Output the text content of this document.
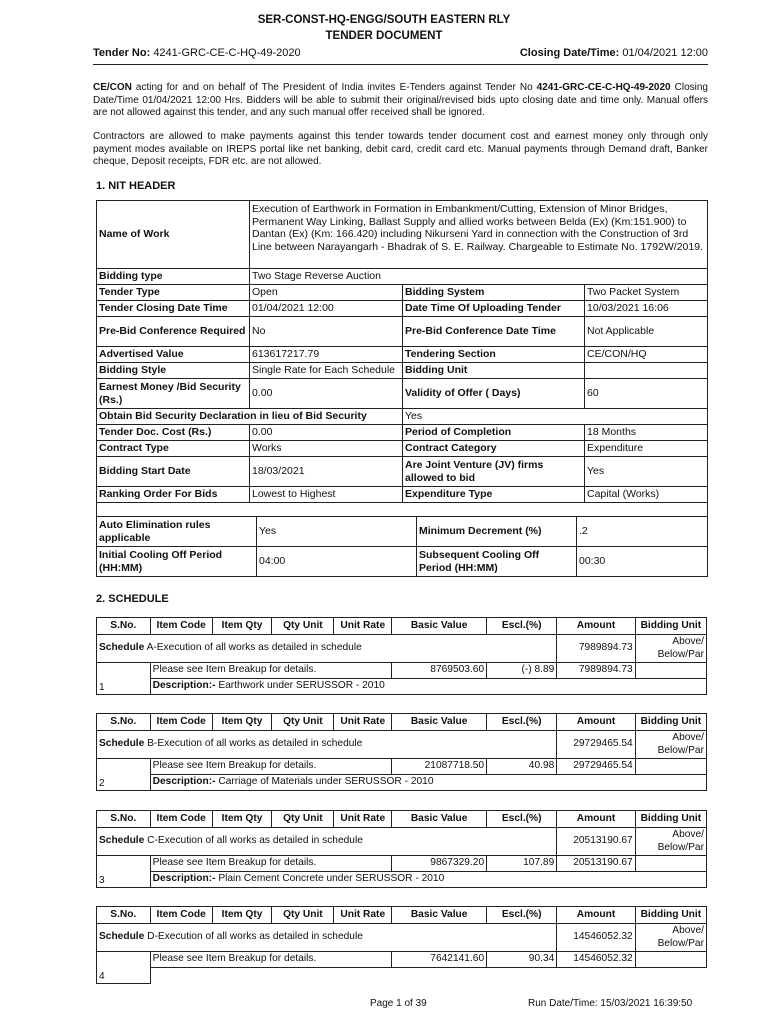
SER-CONST-HQ-ENGG/SOUTH EASTERN RLY
TENDER DOCUMENT
Tender No: 4241-GRC-CE-C-HQ-49-2020	Closing Date/Time: 01/04/2021 12:00
CE/CON acting for and on behalf of The President of India invites E-Tenders against Tender No 4241-GRC-CE-C-HQ-49-2020 Closing Date/Time 01/04/2021 12:00 Hrs. Bidders will be able to submit their original/revised bids upto closing date and time only. Manual offers are not allowed against this tender, and any such manual offer received shall be ignored.
Contractors are allowed to make payments against this tender towards tender document cost and earnest money only through only payment modes available on IREPS portal like net banking, debit card, credit card etc. Manual payments through Demand draft, Banker cheque, Deposit receipts, FDR etc. are not allowed.
1. NIT HEADER
Name of Work	Execution of Earthwork in Formation in Embankment/Cutting, Extension of Minor Bridges, Permanent Way Linking, Ballast Supply and allied works between Belda (Ex) (Km:151.900) to Dantan (Ex) (Km: 166.420) including Nikurseni Yard in connection with the Construction of 3rd Line between Narayangarh - Bhadrak of S. E. Railway. Chargeable to Estimate No. 1792W/2019.		
Bidding type	Two Stage Reverse Auction		
Tender Type	Open	Bidding System	Two Packet System
Tender Closing Date Time	01/04/2021 12:00	Date Time Of Uploading Tender	10/03/2021 16:06
Pre-Bid Conference Required	No	Pre-Bid Conference Date Time	Not Applicable
Advertised Value	613617217.79	Tendering Section	CE/CON/HQ
Bidding Style	Single Rate for Each Schedule	Bidding Unit	
Earnest Money /Bid Security (Rs.)	0.00	Validity of Offer ( Days)	60
Obtain Bid Security Declaration in lieu of Bid Security		Yes	
Tender Doc. Cost (Rs.)	0.00	Period of Completion	18 Months
Contract Type	Works	Contract Category	Expenditure
Bidding Start Date	18/03/2021	Are Joint Venture (JV) firms allowed to bid	Yes
Ranking Order For Bids	Lowest to Highest	Expenditure Type	Capital (Works)

Auto Elimination rules applicable	Yes	Minimum Decrement (%)	.2
Initial Cooling Off Period (HH:MM)	04:00	Subsequent Cooling Off Period (HH:MM)	00:30
2. SCHEDULE
S.No.	Item Code	Item Qty	Qty Unit	Unit Rate	Basic Value	Escl.(%)	Amount	Bidding Unit
Schedule A-Execution of all works as detailed in schedule							7989894.73	Above/
Below/Par

1	Please see Item Breakup for details.				8769503.60	(-) 8.89	7989894.73	
	Description:- Earthwork under SERUSSOR - 2010							
S.No.	Item Code	Item Qty	Qty Unit	Unit Rate	Basic Value	Escl.(%)	Amount	Bidding Unit
Schedule B-Execution of all works as detailed in schedule							29729465.54	Above/
Below/Par

2	Please see Item Breakup for details.				21087718.50	40.98	29729465.54	
	Description:- Carriage of Materials under SERUSSOR - 2010							
S.No.	Item Code	Item Qty	Qty Unit	Unit Rate	Basic Value	Escl.(%)	Amount	Bidding Unit
Schedule C-Execution of all works as detailed in schedule							20513190.67	Above/
Below/Par

3	Please see Item Breakup for details.				9867329.20	107.89	20513190.67	
	Description:- Plain Cement Concrete under SERUSSOR - 2010							
S.No.	Item Code	Item Qty	Qty Unit	Unit Rate	Basic Value	Escl.(%)	Amount	Bidding Unit
Schedule D-Execution of all works as detailed in schedule							14546052.32	Above/
Below/Par

4	Please see Item Breakup for details.				7642141.60	90.34	14546052.32	

Page 1 of 39	Run Date/Time: 15/03/2021 16:39:50
